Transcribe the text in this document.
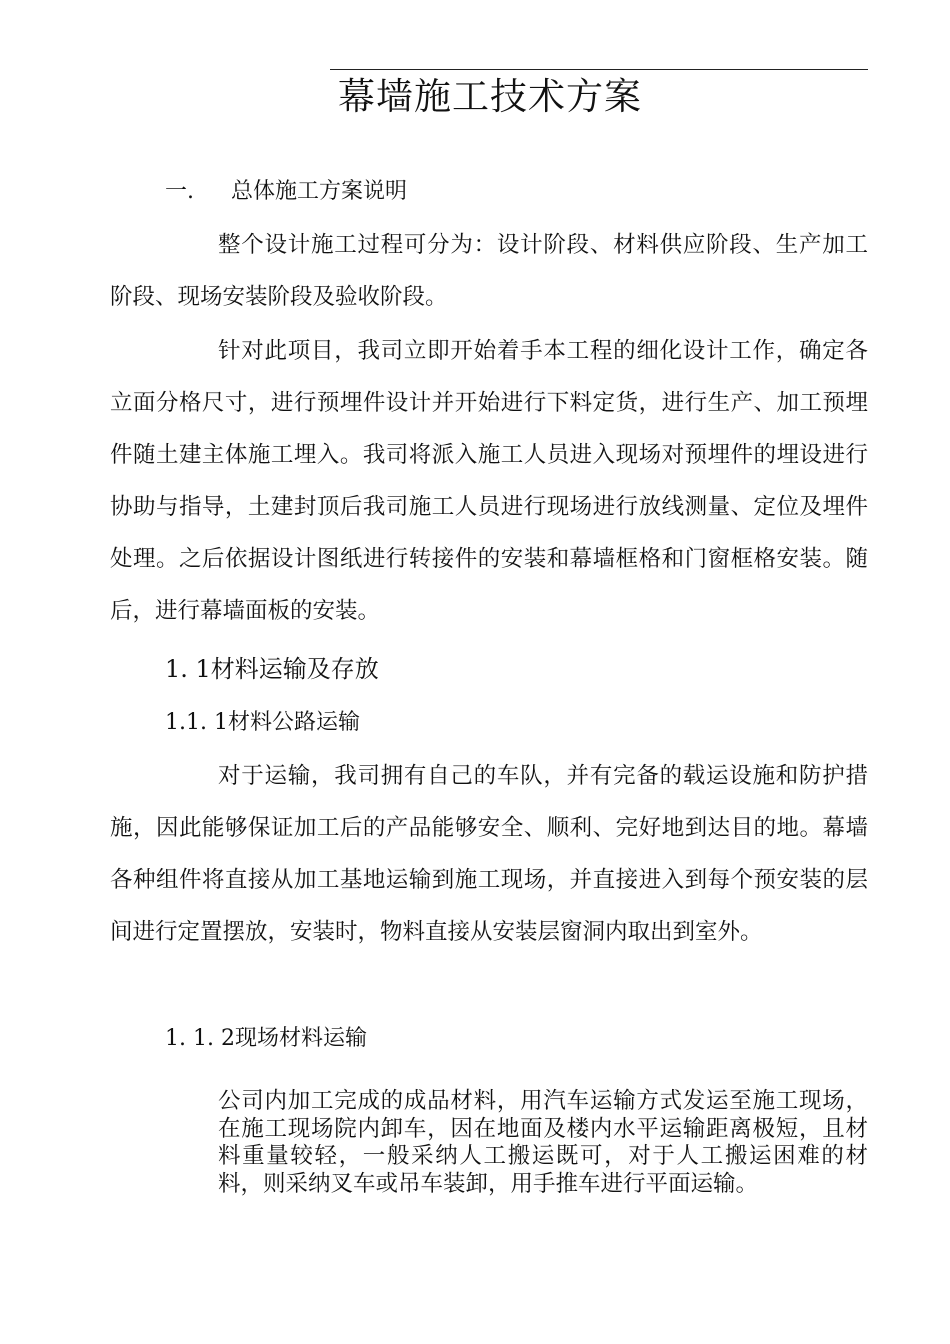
幕墙施工技术方案
一. 总体施工方案说明
整个设计施工过程可分为：设计阶段、材料供应阶段、生产加工阶段、现场安装阶段及验收阶段。
针对此项目，我司立即开始着手本工程的细化设计工作，确定各立面分格尺寸，进行预埋件设计并开始进行下料定货，进行生产、加工预埋件随土建主体施工埋入。我司将派入施工人员进入现场对预埋件的埋设进行协助与指导，土建封顶后我司施工人员进行现场进行放线测量、定位及埋件处理。之后依据设计图纸进行转接件的安装和幕墙框格和门窗框格安装。随后，进行幕墙面板的安装。
1. 1材料运输及存放
1.1. 1材料公路运输
对于运输，我司拥有自己的车队，并有完备的载运设施和防护措施，因此能够保证加工后的产品能够安全、顺利、完好地到达目的地。幕墙各种组件将直接从加工基地运输到施工现场，并直接进入到每个预安装的层间进行定置摆放，安装时，物料直接从安装层窗洞内取出到室外。
1. 1. 2现场材料运输
公司内加工完成的成品材料，用汽车运输方式发运至施工现场，在施工现场院内卸车，因在地面及楼内水平运输距离极短，且材料重量较轻，一般采纳人工搬运既可，对于人工搬运困难的材料，则采纳叉车或吊车装卸，用手推车进行平面运输。
